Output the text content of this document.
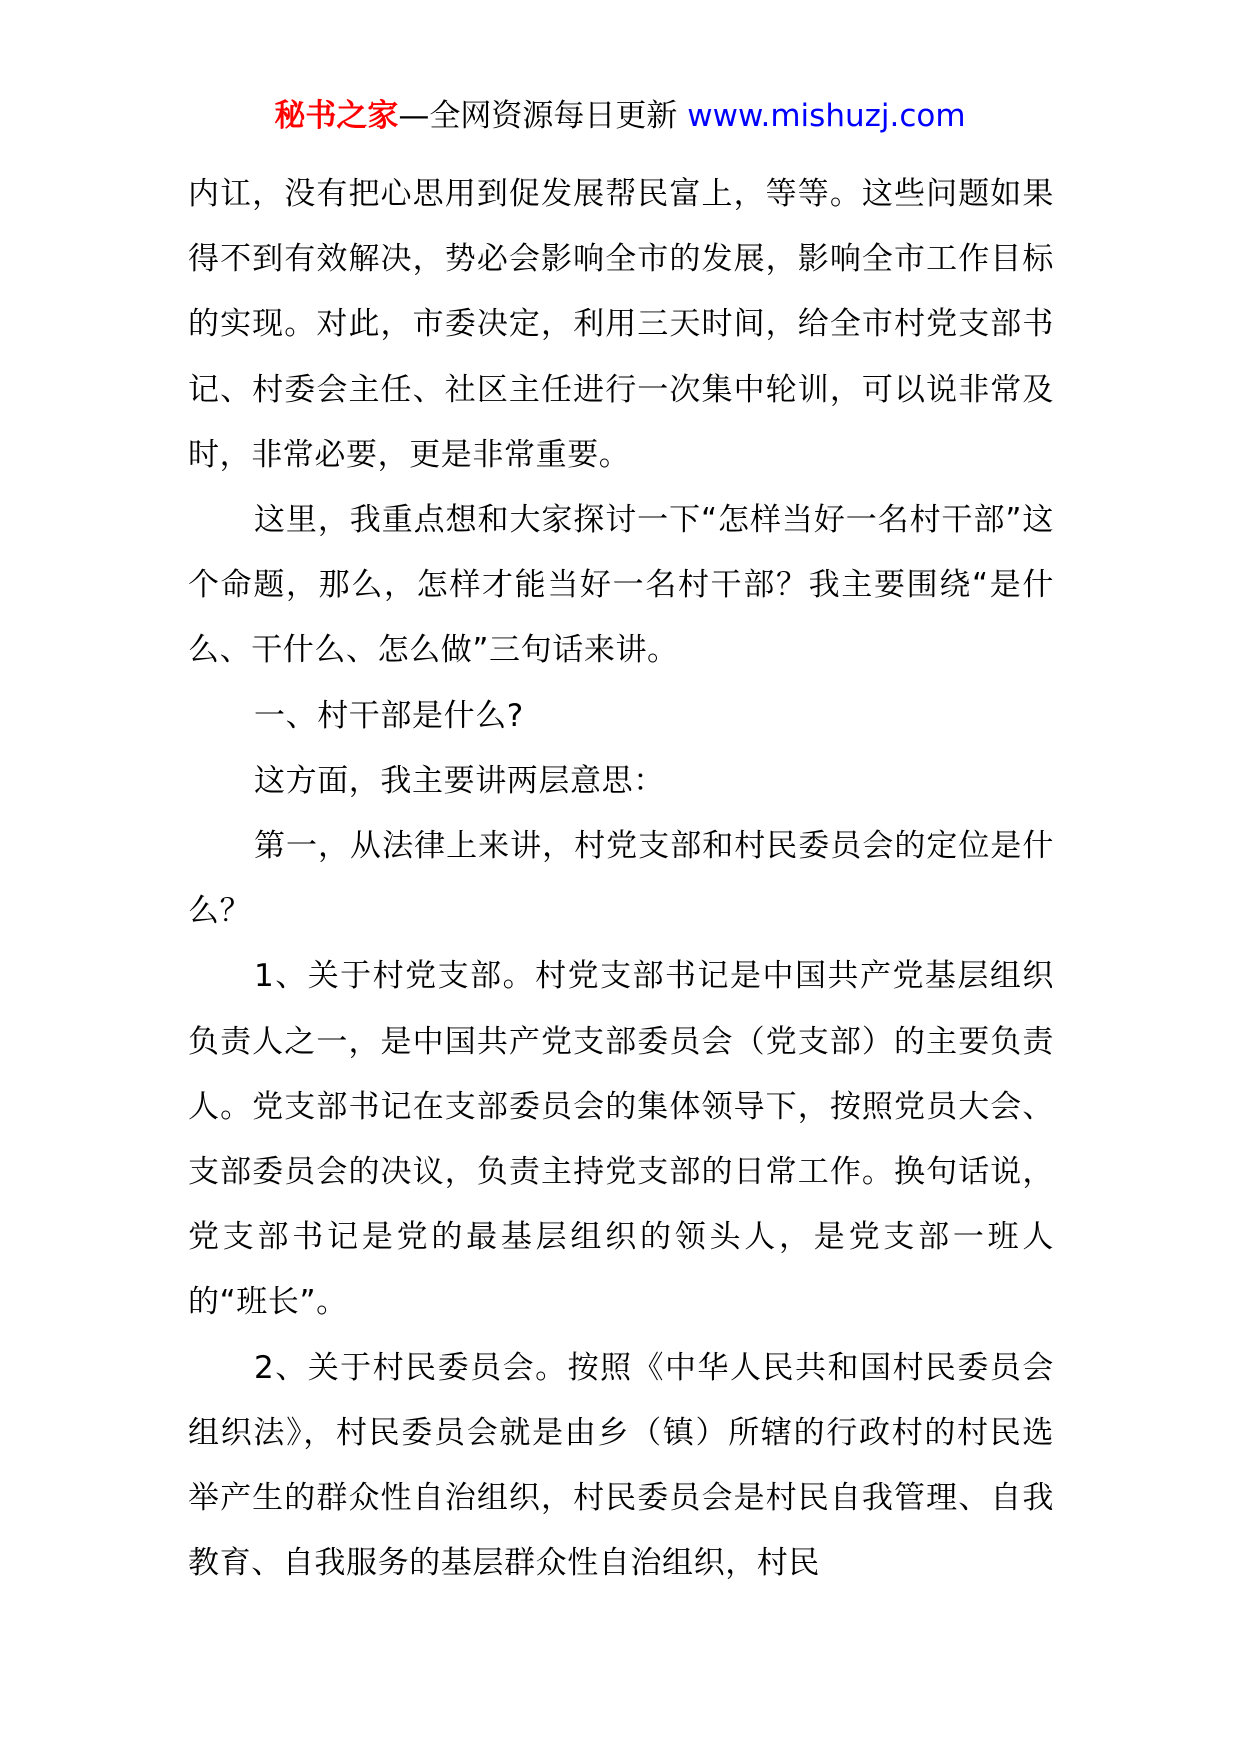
秘书之家—全网资源每日更新 www.mishuzj.com

内讧，没有把心思用到促发展帮民富上，等等。这些问题如果得不到有效解决，势必会影响全市的发展，影响全市工作目标的实现。对此，市委决定，利用三天时间，给全市村党支部书记、村委会主任、社区主任进行一次集中轮训，可以说非常及时，非常必要，更是非常重要。

这里，我重点想和大家探讨一下“怎样当好一名村干部”这个命题，那么，怎样才能当好一名村干部？我主要围绕“是什么、干什么、怎么做”三句话来讲。

一、村干部是什么?

这方面，我主要讲两层意思：

第一，从法律上来讲，村党支部和村民委员会的定位是什么？

1、关于村党支部。村党支部书记是中国共产党基层组织负责人之一，是中国共产党支部委员会（党支部）的主要负责人。党支部书记在支部委员会的集体领导下，按照党员大会、支部委员会的决议，负责主持党支部的日常工作。换句话说，党支部书记是党的最基层组织的领头人，是党支部一班人的“班长”。

2、关于村民委员会。按照《中华人民共和国村民委员会组织法》，村民委员会就是由乡（镇）所辖的行政村的村民选举产生的群众性自治组织，村民委员会是村民自我管理、自我教育、自我服务的基层群众性自治组织，村民
